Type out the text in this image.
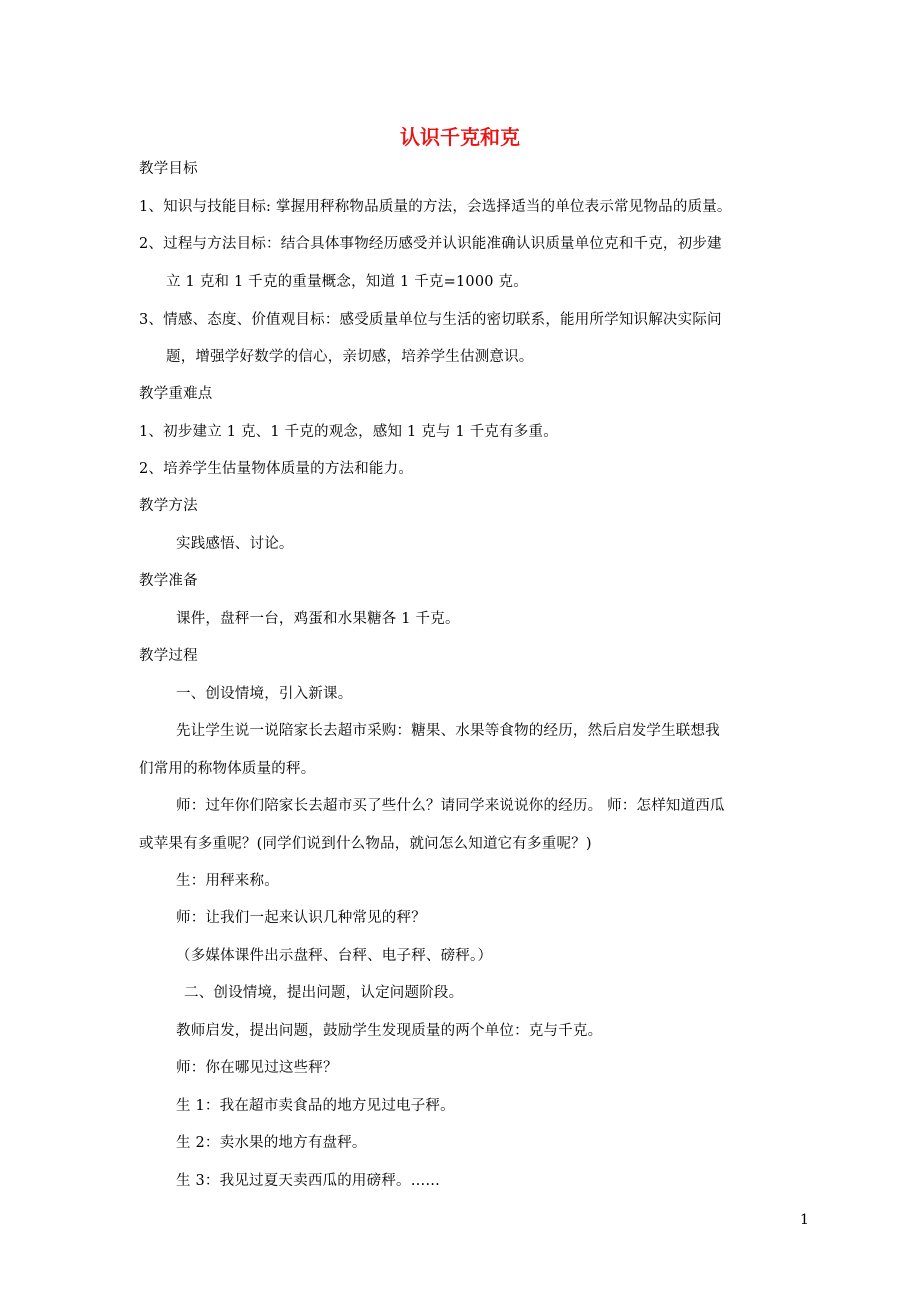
认识千克和克
教学目标
1、知识与技能目标: 掌握用秤称物品质量的方法，会选择适当的单位表示常见物品的质量。
2、过程与方法目标：结合具体事物经历感受并认识能准确认识质量单位克和千克，初步建
立 1 克和 1 千克的重量概念，知道 1 千克=1000 克。
3、情感、态度、价值观目标：感受质量单位与生活的密切联系，能用所学知识解决实际问
题，增强学好数学的信心，亲切感，培养学生估测意识。
教学重难点
1、初步建立 1 克、1 千克的观念，感知 1 克与 1 千克有多重。
2、培养学生估量物体质量的方法和能力。
教学方法
实践感悟、讨论。
教学准备
课件，盘秤一台，鸡蛋和水果糖各 1 千克。
教学过程
一、创设情境，引入新课。
先让学生说一说陪家长去超市采购：糖果、水果等食物的经历，然后启发学生联想我
们常用的称物体质量的秤。
师：过年你们陪家长去超市买了些什么？请同学来说说你的经历。 师：怎样知道西瓜
或苹果有多重呢？(同学们说到什么物品，就问怎么知道它有多重呢？)
生：用秤来称。
师：让我们一起来认识几种常见的秤？
（多媒体课件出示盘秤、台秤、电子秤、磅秤。）
二、创设情境，提出问题，认定问题阶段。
教师启发，提出问题，鼓励学生发现质量的两个单位：克与千克。
师：你在哪见过这些秤？
生 1：我在超市卖食品的地方见过电子秤。
生 2：卖水果的地方有盘秤。
生 3：我见过夏天卖西瓜的用磅秤。……
1
